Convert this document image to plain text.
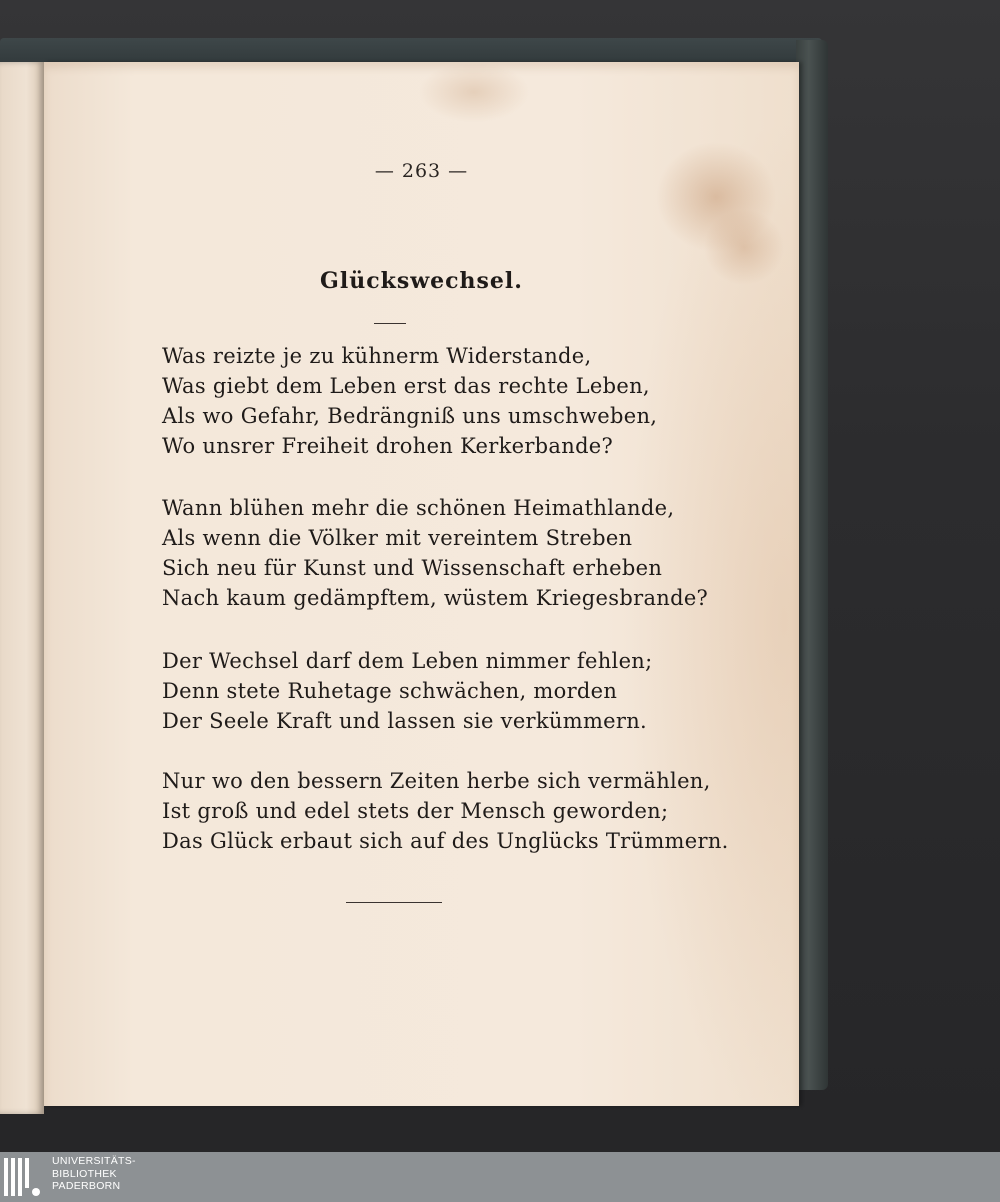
— 263 —
Glückswechsel.
Was reizte je zu kühnerm Widerstande,
Was giebt dem Leben erst das rechte Leben,
Als wo Gefahr, Bedrängniß uns umschweben,
Wo unsrer Freiheit drohen Kerkerbande?
Wann blühen mehr die schönen Heimathlande,
Als wenn die Völker mit vereintem Streben
Sich neu für Kunst und Wissenschaft erheben
Nach kaum gedämpftem, wüstem Kriegesbrande?
Der Wechsel darf dem Leben nimmer fehlen;
Denn stete Ruhetage schwächen, morden
Der Seele Kraft und lassen sie verkümmern.
Nur wo den bessern Zeiten herbe sich vermählen,
Ist groß und edel stets der Mensch geworden;
Das Glück erbaut sich auf des Unglücks Trümmern.
UNIVERSITÄTS-
BIBLIOTHEK
PADERBORN
